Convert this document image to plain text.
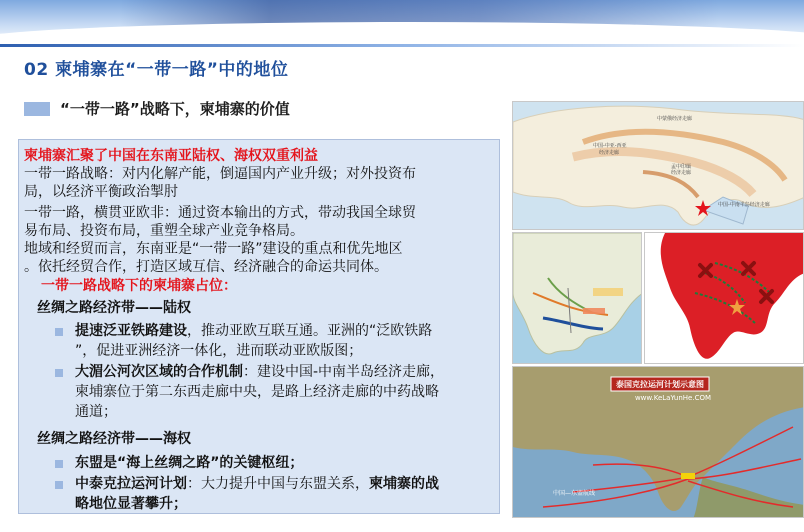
02 柬埔寨在“一带一路”中的地位
“一带一路”战略下，柬埔寨的价值
柬埔寨汇聚了中国在东南亚陆权、海权双重利益
一带一路战略：对内化解产能，倒逼国内产业升级；对外投资布
局，以经济平衡政治掣肘
一带一路，横贯亚欧非：通过资本输出的方式，带动我国全球贸
易布局、投资布局，重塑全球产业竞争格局。
地域和经贸而言，东南亚是“一带一路”建设的重点和优先地区
。依托经贸合作，打造区域互信、经济融合的命运共同体。
一带一路战略下的柬埔寨占位：
丝绸之路经济带——陆权
提速泛亚铁路建设，推动亚欧互联互通。亚洲的“泛欧铁路
”，促进亚洲经济一体化，进而联动亚欧版图；
大湄公河次区域的合作机制：建设中国-中南半岛经济走廊，
柬埔寨位于第二东西走廊中央，是路上经济走廊的中药战略
通道；
丝绸之路经济带——海权
东盟是“海上丝绸之路”的关键枢纽；
中泰克拉运河计划：大力提升中国与东盟关系，柬埔寨的战
略地位显著攀升；
中蒙俄经济走廊
中国-中亚-西亚
经济走廊
孟中印缅
经济走廊
中国-中南半岛经济走廊
泰国克拉运河计划示意图
www.KeLaYunHe.COM
中国—东盟航线
